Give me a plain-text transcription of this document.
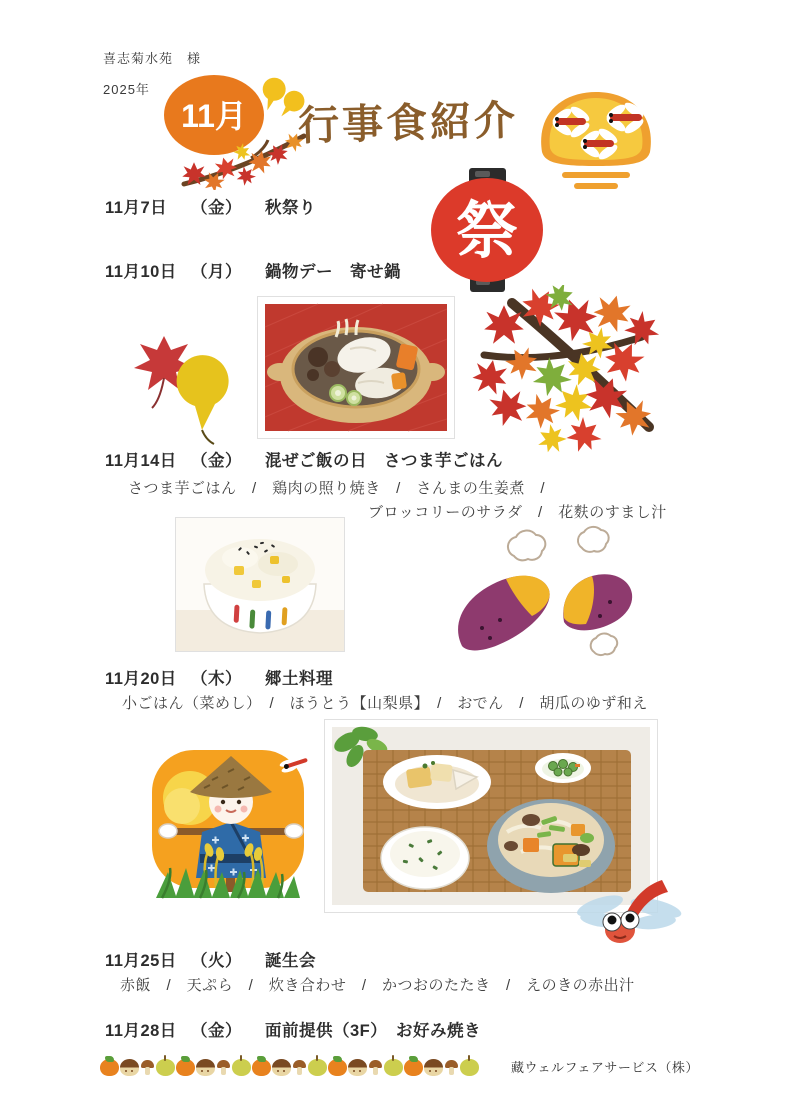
喜志菊水苑　様
2025年
11月 行事食紹介
11月7日	（金）	秋祭り 祭
11月10日 （月）	鍋物デー　寄せ鍋
11月14日 （金）	混ぜご飯の日　さつま芋ごはん
さつま芋ごはん　/　鶏肉の照り焼き　/　さんまの生姜煮　/
ブロッコリーのサラダ　/　花麩のすまし汁
11月20日 （木）	郷土料理
小ごはん（菜めし）　/　ほうとう【山梨県】　/　おでん　/　胡瓜のゆず和え
11月25日 （火）	誕生会
赤飯　/　天ぷら　/　炊き合わせ　/　かつおのたたき　/　えのきの赤出汁
11月28日 （金）	面前提供（3F）　お好み焼き
藏ウェルフェアサービス（株）
